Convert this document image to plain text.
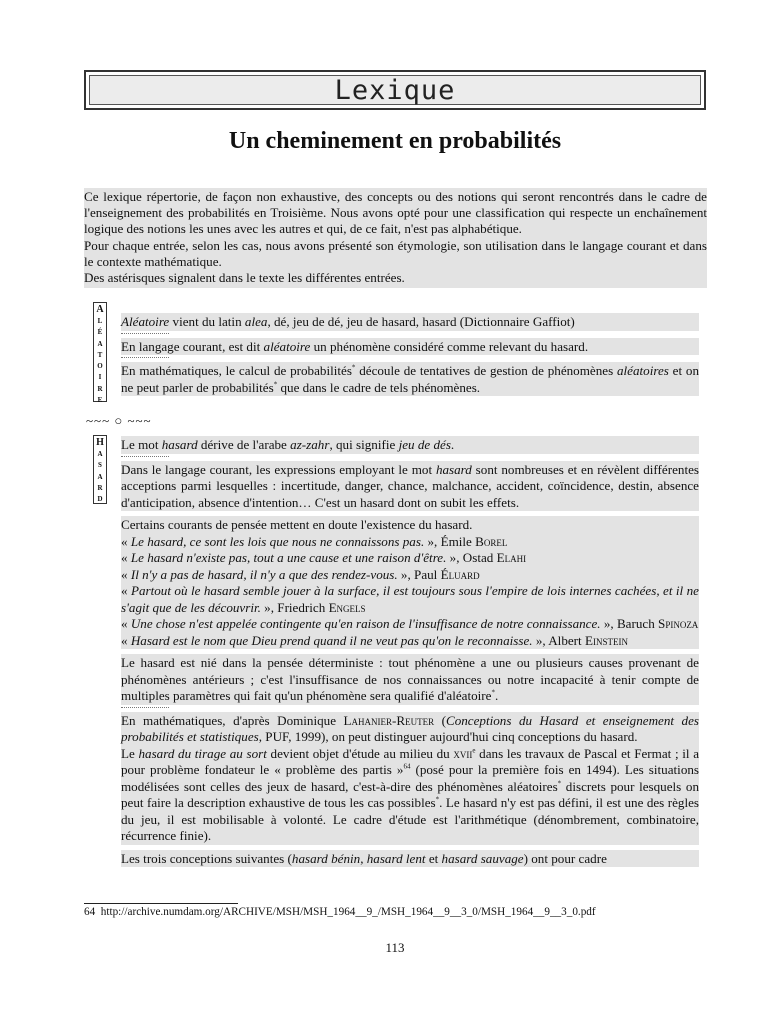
Lexique
Un cheminement en probabilités

Ce lexique répertorie, de façon non exhaustive, des concepts ou des notions qui seront rencontrés dans le cadre de l'enseignement des probabilités en Troisième. Nous avons opté pour une classification qui respecte un enchaînement logique des notions les unes avec les autres et qui, de ce fait, n'est pas alphabétique.

Pour chaque entrée, selon les cas, nous avons présenté son étymologie, son utilisation dans le langage courant et dans le contexte mathématique.

Des astérisques signalent dans le texte les différentes entrées.

A
L
É
A
T
O
I
R
E

Aléatoire vient du latin alea, dé, jeu de dé, jeu de hasard, hasard (Dictionnaire Gaffiot)

En langage courant, est dit aléatoire un phénomène considéré comme relevant du hasard.

En mathématiques, le calcul de probabilités* découle de tentatives de gestion de phénomènes aléatoires et on ne peut parler de probabilités* que dans le cadre de tels phénomènes.

~~~ ○ ~~~
H
A
S
A
R
D

Le mot hasard dérive de l'arabe az-zahr, qui signifie jeu de dés.

Dans le langage courant, les expressions employant le mot hasard sont nombreuses et en révèlent différentes acceptions parmi lesquelles : incertitude, danger, chance, malchance, accident, coïncidence, destin, absence d'anticipation, absence d'intention… C'est un hasard dont on subit les effets.

Certains courants de pensée mettent en doute l'existence du hasard.
« Le hasard, ce sont les lois que nous ne connaissons pas. », Émile Borel
« Le hasard n'existe pas, tout a une cause et une raison d'être. », Ostad Elahi
« Il n'y a pas de hasard, il n'y a que des rendez-vous. », Paul Éluard
« Partout où le hasard semble jouer à la surface, il est toujours sous l'empire de lois internes cachées, et il ne s'agit que de les découvrir. », Friedrich Engels
« Une chose n'est appelée contingente qu'en raison de l'insuffisance de notre connaissance. », Baruch Spinoza
« Hasard est le nom que Dieu prend quand il ne veut pas qu'on le reconnaisse. », Albert Einstein

Le hasard est nié dans la pensée déterministe : tout phénomène a une ou plusieurs causes provenant de phénomènes antérieurs ; c'est l'insuffisance de nos connaissances ou notre incapacité à tenir compte de multiples paramètres qui fait qu'un phénomène sera qualifié d'aléatoire*.

En mathématiques, d'après Dominique Lahanier-Reuter (Conceptions du Hasard et enseignement des probabilités et statistiques, PUF, 1999), on peut distinguer aujourd'hui cinq conceptions du hasard.
Le hasard du tirage au sort devient objet d'étude au milieu du xvii$^e$ dans les travaux de Pascal et Fermat ; il a pour problème fondateur le « problème des partis »$^{64}$ (posé pour la première fois en 1494). Les situations modélisées sont celles des jeux de hasard, c'est-à-dire des phénomènes aléatoires* discrets pour lesquels on peut faire la description exhaustive de tous les cas possibles*. Le hasard n'y est pas défini, il est une des règles du jeu, il est mobilisable à volonté. Le cadre d'étude est l'arithmétique (dénombrement, combinatoire, récurrence finie).

Les trois conceptions suivantes (hasard bénin, hasard lent et hasard sauvage) ont pour cadre

64 http://archive.numdam.org/ARCHIVE/MSH/MSH_1964__9_/MSH_1964__9__3_0/MSH_1964__9__3_0.pdf
113
